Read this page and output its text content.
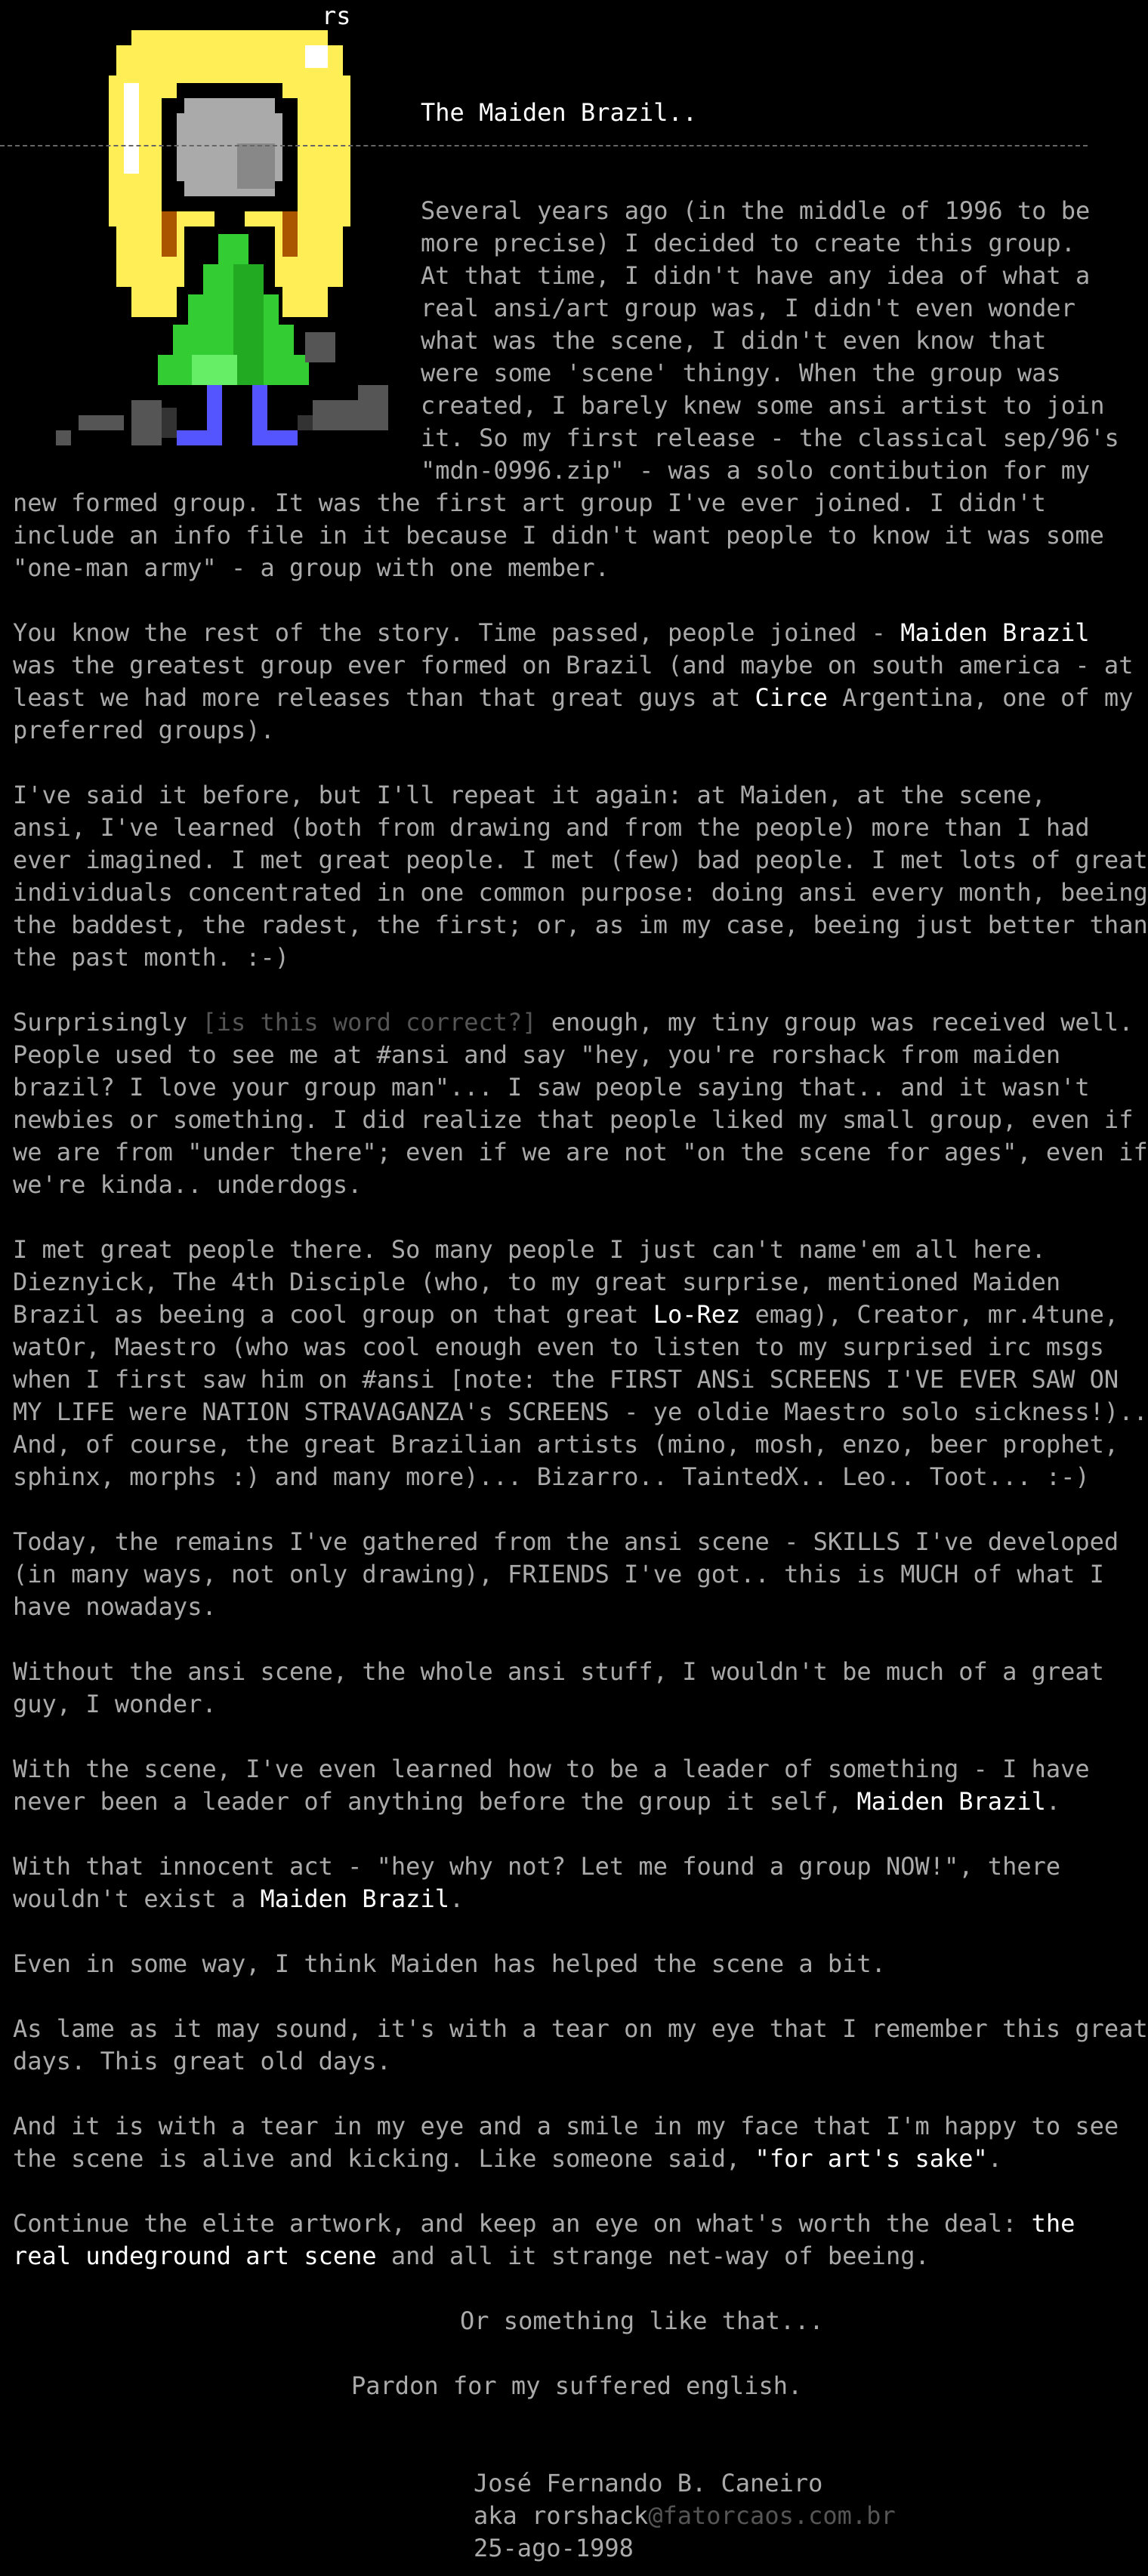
rs
The Maiden Brazil..
Several years ago (in the middle of 1996 to be
more precise) I decided to create this group.
At that time, I didn't have any idea of what a
real ansi/art group was, I didn't even wonder
what was the scene, I didn't even know that
were some 'scene' thingy. When the group was
created, I barely knew some ansi artist to join
it. So my first release - the classical sep/96's
"mdn-0996.zip" - was a solo contibution for my
new formed group. It was the first art group I've ever joined. I didn't
include an info file in it because I didn't want people to know it was some
"one-man army" - a group with one member.
You know the rest of the story. Time passed, people joined - Maiden Brazil
was the greatest group ever formed on Brazil (and maybe on south america - at
least we had more releases than that great guys at Circe Argentina, one of my
preferred groups).
I've said it before, but I'll repeat it again: at Maiden, at the scene,
ansi, I've learned (both from drawing and from the people) more than I had
ever imagined. I met great people. I met (few) bad people. I met lots of great
individuals concentrated in one common purpose: doing ansi every month, beeing
the baddest, the radest, the first; or, as im my case, beeing just better than
the past month. :-)
Surprisingly [is this word correct?] enough, my tiny group was received well.
People used to see me at #ansi and say "hey, you're rorshack from maiden
brazil? I love your group man"... I saw people saying that.. and it wasn't
newbies or something. I did realize that people liked my small group, even if
we are from "under there"; even if we are not "on the scene for ages", even if
we're kinda.. underdogs.
I met great people there. So many people I just can't name'em all here.
Dieznyick, The 4th Disciple (who, to my great surprise, mentioned Maiden
Brazil as beeing a cool group on that great Lo-Rez emag), Creator, mr.4tune,
watOr, Maestro (who was cool enough even to listen to my surprised irc msgs
when I first saw him on #ansi [note: the FIRST ANSi SCREENS I'VE EVER SAW ON
MY LIFE were NATION STRAVAGANZA's SCREENS - ye oldie Maestro solo sickness!)..
And, of course, the great Brazilian artists (mino, mosh, enzo, beer prophet,
sphinx, morphs :) and many more)... Bizarro.. TaintedX.. Leo.. Toot... :-)
Today, the remains I've gathered from the ansi scene - SKILLS I've developed
(in many ways, not only drawing), FRIENDS I've got.. this is MUCH of what I
have nowadays.
Without the ansi scene, the whole ansi stuff, I wouldn't be much of a great
guy, I wonder.
With the scene, I've even learned how to be a leader of something - I have
never been a leader of anything before the group it self, Maiden Brazil.
With that innocent act - "hey why not? Let me found a group NOW!", there
wouldn't exist a Maiden Brazil.
Even in some way, I think Maiden has helped the scene a bit.
As lame as it may sound, it's with a tear on my eye that I remember this great
days. This great old days.
And it is with a tear in my eye and a smile in my face that I'm happy to see
the scene is alive and kicking. Like someone said, "for art's sake".
Continue the elite artwork, and keep an eye on what's worth the deal: the
real undeground art scene and all it strange net-way of beeing.
Or something like that...
Pardon for my suffered english.
José Fernando B. Caneiro
aka rorshack@fatorcaos.com.br
25-ago-1998
